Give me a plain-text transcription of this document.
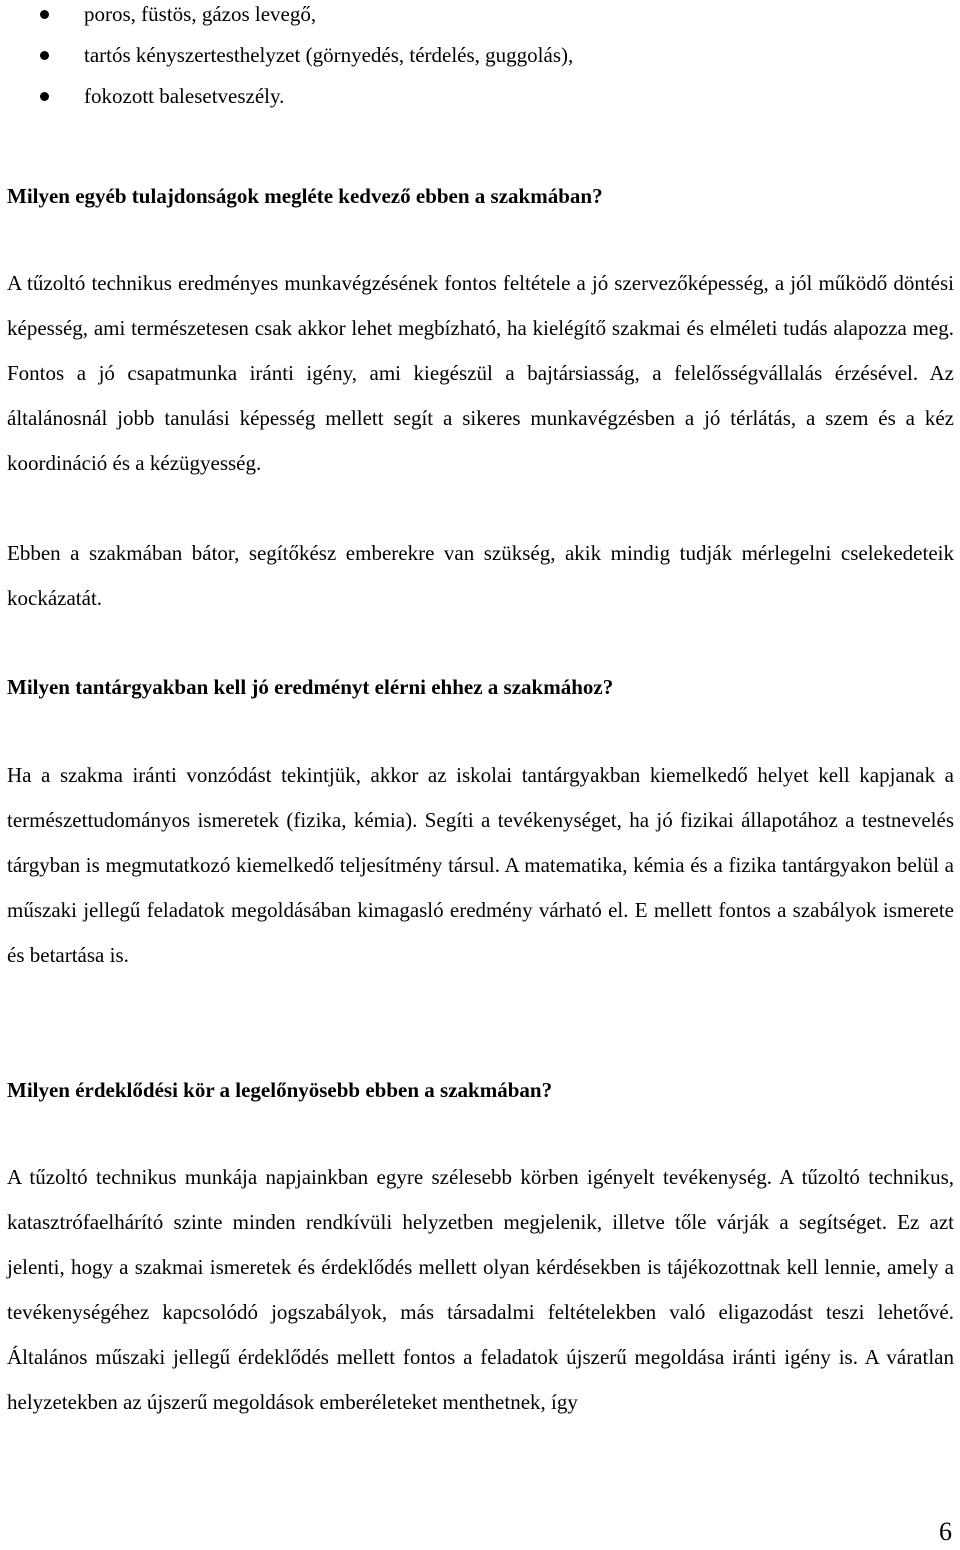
poros, füstös, gázos levegő,
tartós kényszertesthelyzet (görnyedés, térdelés, guggolás),
fokozott balesetveszély.
Milyen egyéb tulajdonságok megléte kedvező ebben a szakmában?

A tűzoltó technikus eredményes munkavégzésének fontos feltétele a jó szervezőképesség, a jól működő döntési képesség, ami természetesen csak akkor lehet megbízható, ha kielégítő szakmai és elméleti tudás alapozza meg. Fontos a jó csapatmunka iránti igény, ami kiegészül a bajtársiasság, a felelősségvállalás érzésével. Az általánosnál jobb tanulási képesség mellett segít a sikeres munkavégzésben a jó térlátás, a szem és a kéz koordináció és a kézügyesség.

Ebben a szakmában bátor, segítőkész emberekre van szükség, akik mindig tudják mérlegelni cselekedeteik kockázatát.

Milyen tantárgyakban kell jó eredményt elérni ehhez a szakmához?

Ha a szakma iránti vonzódást tekintjük, akkor az iskolai tantárgyakban kiemelkedő helyet kell kapjanak a természettudományos ismeretek (fizika, kémia). Segíti a tevékenységet, ha jó fizikai állapotához a testnevelés tárgyban is megmutatkozó kiemelkedő teljesítmény társul. A matematika, kémia és a fizika tantárgyakon belül a műszaki jellegű feladatok megoldásában kimagasló eredmény várható el. E mellett fontos a szabályok ismerete és betartása is.

Milyen érdeklődési kör a legelőnyösebb ebben a szakmában?

A tűzoltó technikus munkája napjainkban egyre szélesebb körben igényelt tevékenység. A tűzoltó technikus, katasztrófaelhárító szinte minden rendkívüli helyzetben megjelenik, illetve tőle várják a segítséget. Ez azt jelenti, hogy a szakmai ismeretek és érdeklődés mellett olyan kérdésekben is tájékozottnak kell lennie, amely a tevékenységéhez kapcsolódó jogszabályok, más társadalmi feltételekben való eligazodást teszi lehetővé. Általános műszaki jellegű érdeklődés mellett fontos a feladatok újszerű megoldása iránti igény is. A váratlan helyzetekben az újszerű megoldások emberéleteket menthetnek, így

6
